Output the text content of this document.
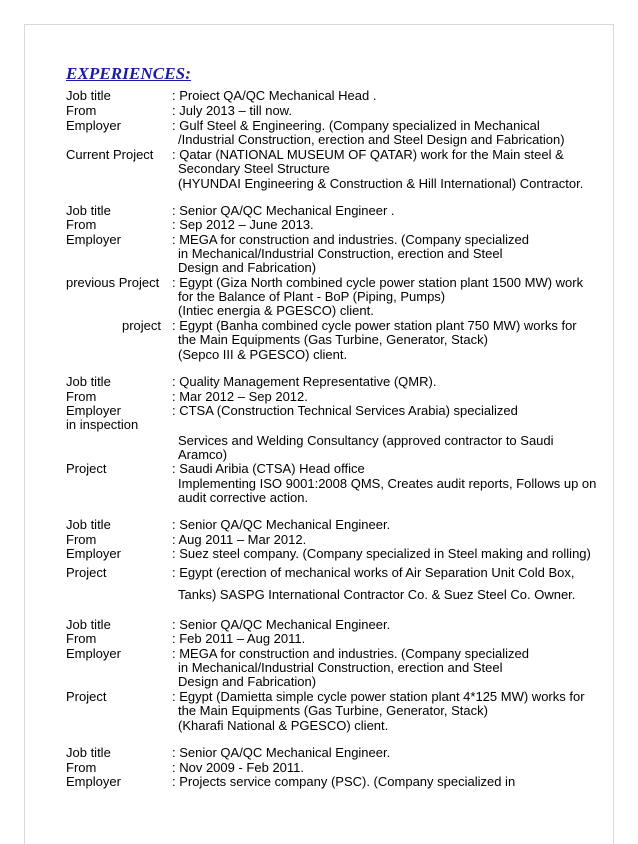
EXPERIENCES:
Job title	: Proiect QA/QC Mechanical Head .
From	: July 2013 – till now.
Employer	: Gulf Steel & Engineering. (Company specialized in Mechanical
/Industrial Construction, erection and Steel Design and Fabrication)
Current Project : Qatar (NATIONAL MUSEUM OF QATAR) work for the Main steel &
Secondary Steel Structure
(HYUNDAI Engineering & Construction & Hill International) Contractor.
Job title	: Senior QA/QC Mechanical Engineer .
From	: Sep 2012 – June 2013.
Employer	: MEGA for construction and industries. (Company specialized
in Mechanical/Industrial Construction, erection and Steel
Design and Fabrication)
previous Project : Egypt (Giza North combined cycle power station plant 1500 MW) work
for the Balance of Plant - BoP (Piping, Pumps)
(Intiec energia & PGESCO) client.
project : Egypt (Banha combined cycle power station plant 750 MW) works for
the Main Equipments (Gas Turbine, Generator, Stack)
(Sepco III & PGESCO) client.
Job title	: Quality Management Representative (QMR).
From	: Mar 2012 – Sep 2012.
Employer	: CTSA (Construction Technical Services Arabia) specialized
in inspection
Services and Welding Consultancy (approved contractor to Saudi
Aramco)
Project	: Saudi Aribia (CTSA) Head office
Implementing ISO 9001:2008 QMS, Creates audit reports, Follows up on
audit corrective action.
Job title	: Senior QA/QC Mechanical Engineer.
From	: Aug 2011 – Mar 2012.
Employer	: Suez steel company. (Company specialized in Steel making and rolling)
Project	: Egypt (erection of mechanical works of Air Separation Unit Cold Box,
Tanks) SASPG International Contractor Co. & Suez Steel Co. Owner.
Job title	: Senior QA/QC Mechanical Engineer.
From	: Feb 2011 – Aug 2011.
Employer	: MEGA for construction and industries. (Company specialized
in Mechanical/Industrial Construction, erection and Steel
Design and Fabrication)
Project	: Egypt (Damietta simple cycle power station plant 4*125 MW) works for
the Main Equipments (Gas Turbine, Generator, Stack)
(Kharafi National & PGESCO) client.
Job title	: Senior QA/QC Mechanical Engineer.
From	: Nov 2009 - Feb 2011.
Employer	: Projects service company (PSC). (Company specialized in
